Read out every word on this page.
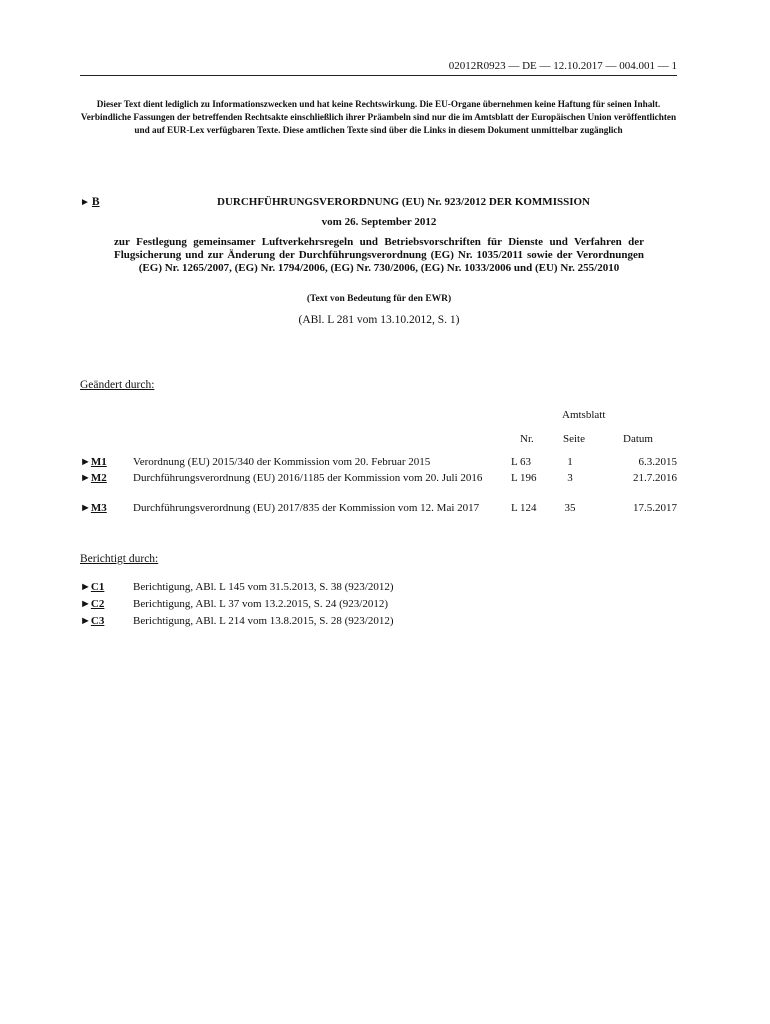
02012R0923 — DE — 12.10.2017 — 004.001 — 1
Dieser Text dient lediglich zu Informationszwecken und hat keine Rechtswirkung. Die EU-Organe übernehmen keine Haftung für seinen Inhalt. Verbindliche Fassungen der betreffenden Rechtsakte einschließlich ihrer Präambeln sind nur die im Amtsblatt der Europäischen Union veröffentlichten und auf EUR-Lex verfügbaren Texte. Diese amtlichen Texte sind über die Links in diesem Dokument unmittelbar zugänglich
► B	DURCHFÜHRUNGSVERORDNUNG (EU) Nr. 923/2012 DER KOMMISSION
vom 26. September 2012
zur Festlegung gemeinsamer Luftverkehrsregeln und Betriebsvorschriften für Dienste und Verfahren der Flugsicherung und zur Änderung der Durchführungsverordnung (EG) Nr. 1035/2011 sowie der Verordnungen (EG) Nr. 1265/2007, (EG) Nr. 1794/2006, (EG) Nr. 730/2006, (EG) Nr. 1033/2006 und (EU) Nr. 255/2010
(Text von Bedeutung für den EWR)
(ABl. L 281 vom 13.10.2012, S. 1)
Geändert durch:
Amtsblatt
Nr.	Seite	Datum
►M1 Verordnung (EU) 2015/340 der Kommission vom 20. Februar 2015	L 63	1	6.3.2015
►M2 Durchführungsverordnung (EU) 2016/1185 der Kommission vom 20. Juli 2016	L 196	3	21.7.2016
►M3 Durchführungsverordnung (EU) 2017/835 der Kommission vom 12. Mai 2017	L 124	35	17.5.2017
Berichtigt durch:
►C1	Berichtigung, ABl. L 145 vom 31.5.2013, S. 38 (923/2012)
►C2	Berichtigung, ABl. L 37 vom 13.2.2015, S. 24 (923/2012)
►C3	Berichtigung, ABl. L 214 vom 13.8.2015, S. 28 (923/2012)
